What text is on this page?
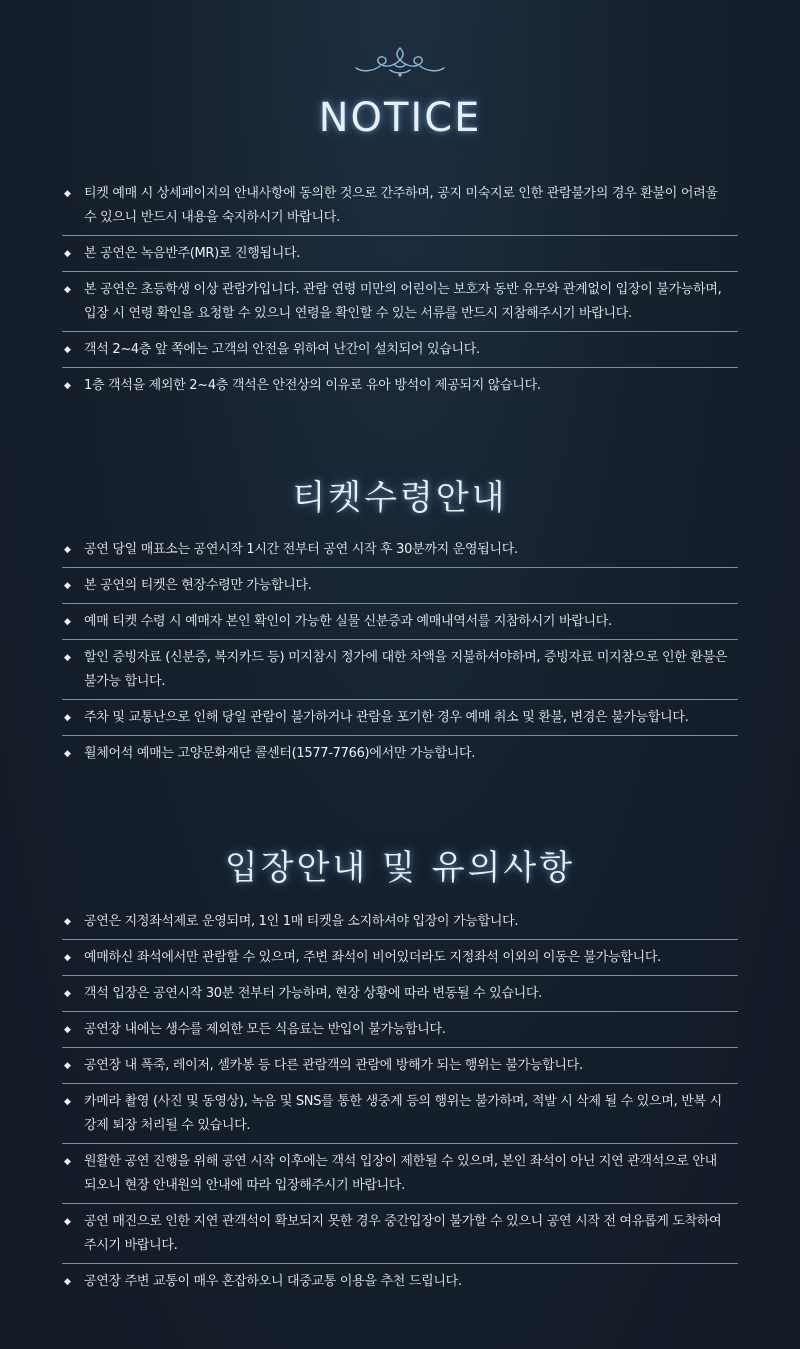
NOTICE
◆	티켓 예매 시 상세페이지의 안내사항에 동의한 것으로 간주하며, 공지 미숙지로 인한 관람불가의 경우 환불이 어려울 수 있으니 반드시 내용을 숙지하시기 바랍니다.
◆	본 공연은 녹음반주(MR)로 진행됩니다.
◆	본 공연은 초등학생 이상 관람가입니다. 관람 연령 미만의 어린이는 보호자 동반 유무와 관계없이 입장이 불가능하며, 입장 시 연령 확인을 요청할 수 있으니 연령을 확인할 수 있는 서류를 반드시 지참해주시기 바랍니다.
◆	객석 2~4층 앞 쪽에는 고객의 안전을 위하여 난간이 설치되어 있습니다.
◆	1층 객석을 제외한 2~4층 객석은 안전상의 이유로 유아 방석이 제공되지 않습니다.
티켓수령안내
◆	공연 당일 매표소는 공연시작 1시간 전부터 공연 시작 후 30분까지 운영됩니다.
◆	본 공연의 티켓은 현장수령만 가능합니다.
◆	예매 티켓 수령 시 예매자 본인 확인이 가능한 실물 신분증과 예매내역서를 지참하시기 바랍니다.
◆	할인 증빙자료 (신분증, 복지카드 등) 미지참시 정가에 대한 차액을 지불하셔야하며, 증빙자료 미지참으로 인한 환불은 불가능 합니다.
◆	주차 및 교통난으로 인해 당일 관람이 불가하거나 관람을 포기한 경우 예매 취소 및 환불, 변경은 불가능합니다.
◆	휠체어석 예매는 고양문화재단 콜센터(1577-7766)에서만 가능합니다.
입장안내 및 유의사항
◆	공연은 지정좌석제로 운영되며, 1인 1매 티켓을 소지하셔야 입장이 가능합니다.
◆	예매하신 좌석에서만 관람할 수 있으며, 주변 좌석이 비어있더라도 지정좌석 이외의 이동은 불가능합니다.
◆	객석 입장은 공연시작 30분 전부터 가능하며, 현장 상황에 따라 변동될 수 있습니다.
◆	공연장 내에는 생수를 제외한 모든 식음료는 반입이 불가능합니다.
◆	공연장 내 폭죽, 레이저, 셀카봉 등 다른 관람객의 관람에 방해가 되는 행위는 불가능합니다.
◆	카메라 촬영 (사진 및 동영상), 녹음 및 SNS를 통한 생중계 등의 행위는 불가하며, 적발 시 삭제 될 수 있으며, 반복 시 강제 퇴장 처리될 수 있습니다.
◆	원활한 공연 진행을 위해 공연 시작 이후에는 객석 입장이 제한될 수 있으며, 본인 좌석이 아닌 지연 관객석으로 안내되오니 현장 안내원의 안내에 따라 입장해주시기 바랍니다.
◆	공연 매진으로 인한 지연 관객석이 확보되지 못한 경우 중간입장이 불가할 수 있으니 공연 시작 전 여유롭게 도착하여 주시기 바랍니다.
◆	공연장 주변 교통이 매우 혼잡하오니 대중교통 이용을 추천 드립니다.
